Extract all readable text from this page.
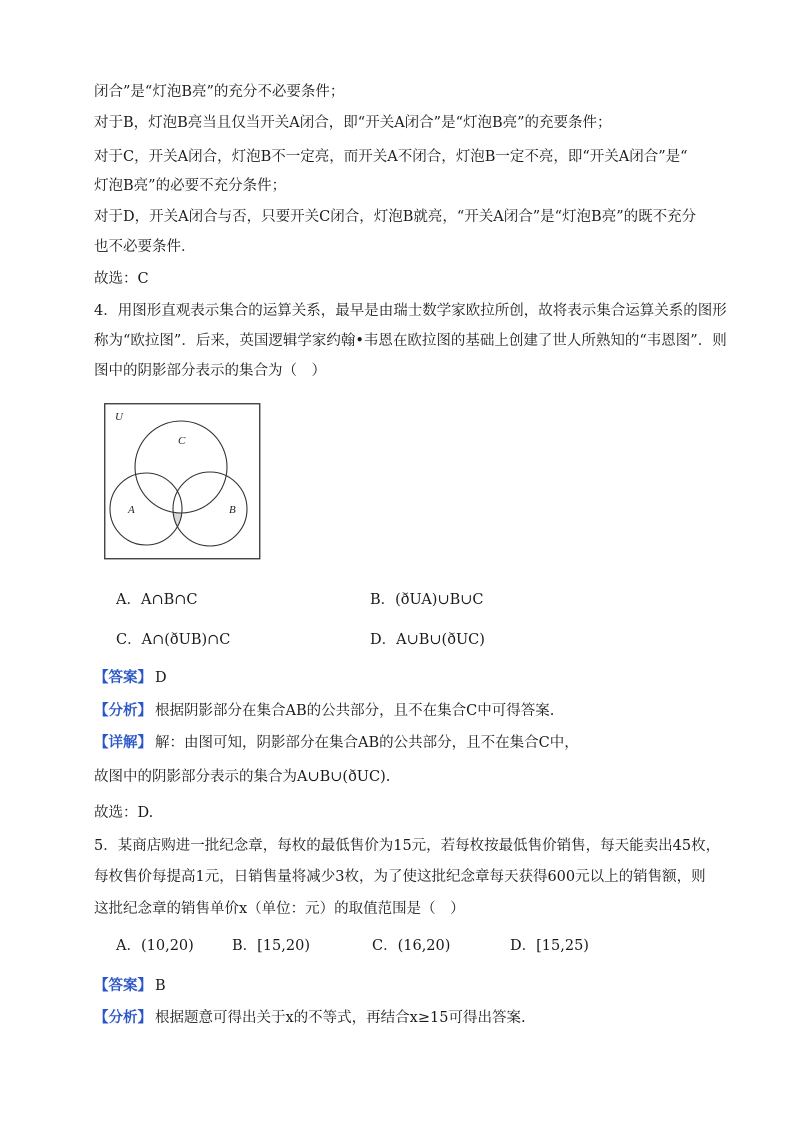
闭合”是“灯泡B亮”的充分不必要条件；
对于B，灯泡B亮当且仅当开关A闭合，即“开关A闭合”是“灯泡B亮”的充要条件；
对于C，开关A闭合，灯泡B不一定亮，而开关A不闭合，灯泡B一定不亮，即“开关A闭合”是“
灯泡B亮”的必要不充分条件；
对于D，开关A闭合与否，只要开关C闭合，灯泡B就亮，“开关A闭合”是“灯泡B亮”的既不充分
也不必要条件．
故选：C
4．用图形直观表示集合的运算关系，最早是由瑞士数学家欧拉所创，故将表示集合运算关系的图形
称为“欧拉图”．后来，英国逻辑学家约翰•韦恩在欧拉图的基础上创建了世人所熟知的“韦恩图”．则
图中的阴影部分表示的集合为（　）
U
C
A	B
A．A∩B∩C	B．(ðUA)∪B∪C
C．A∩(ðUB)∩C	D．A∪B∪(ðUC)
【答案】 D
【分析】 根据阴影部分在集合AB的公共部分，且不在集合C中可得答案.
【详解】 解：由图可知，阴影部分在集合AB的公共部分，且不在集合C中，
故图中的阴影部分表示的集合为A∪B∪(ðUC).
故选：D.
5．某商店购进一批纪念章，每枚的最低售价为15元，若每枚按最低售价销售，每天能卖出45枚，
每枚售价每提高1元，日销售量将减少3枚，为了使这批纪念章每天获得600元以上的销售额，则
这批纪念章的销售单价x（单位：元）的取值范围是（　）
A．(10,20)	B．[15,20)	C．(16,20)	D．[15,25)
【答案】 B
【分析】 根据题意可得出关于x的不等式，再结合x≥15可得出答案.
